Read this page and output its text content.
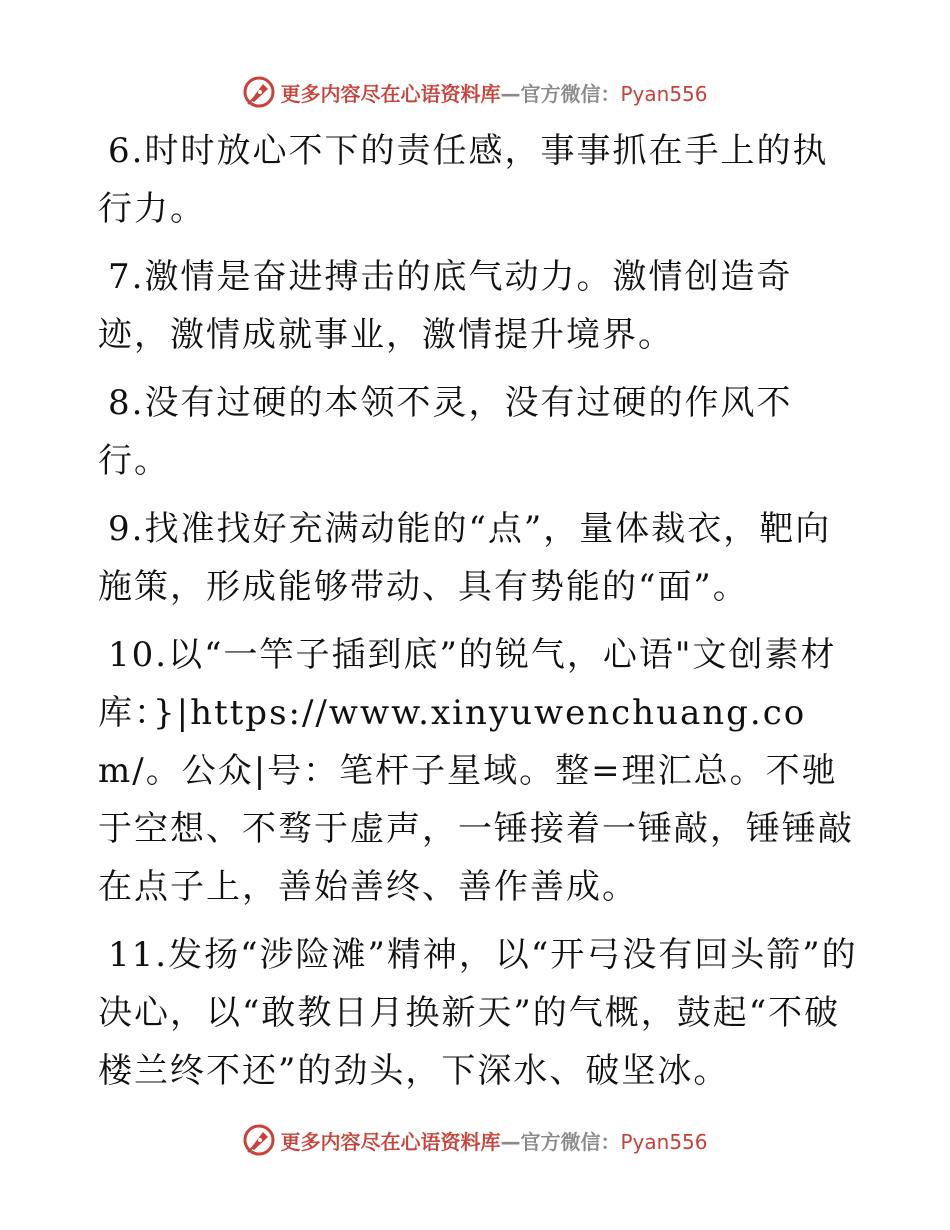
更多内容尽在心语资料库—官方微信：Pyan556

6.时时放心不下的责任感，事事抓在手上的执行力。

7.激情是奋进搏击的底气动力。激情创造奇迹，激情成就事业，激情提升境界。

8.没有过硬的本领不灵，没有过硬的作风不行。

9.找准找好充满动能的“点”，量体裁衣，靶向施策，形成能够带动、具有势能的“面”。

10.以“一竿子插到底”的锐气，心语"文创素材库：}|https://www.xinyuwenchuang.com/。公众|号：笔杆子星域。整=理汇总。不驰于空想、不骛于虚声，一锤接着一锤敲，锤锤敲在点子上，善始善终、善作善成。

11.发扬“涉险滩”精神，以“开弓没有回头箭”的决心，以“敢教日月换新天”的气概，鼓起“不破楼兰终不还”的劲头，下深水、破坚冰。

更多内容尽在心语资料库—官方微信：Pyan556
